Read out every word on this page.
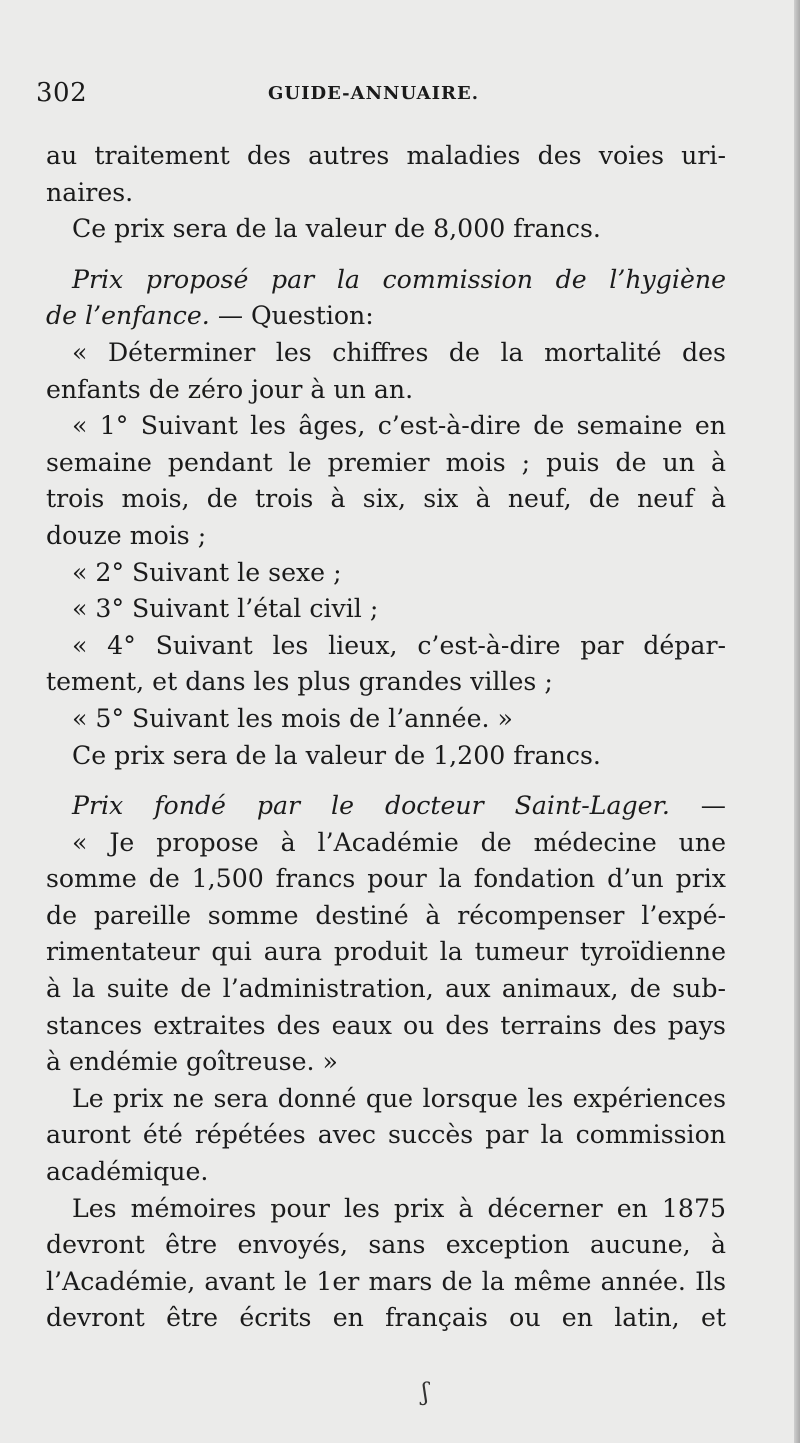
302	GUIDE-ANNUAIRE.
au traitement des autres maladies des voies uri-
naires.
Ce prix sera de la valeur de 8,000 francs.
Prix proposé par la commission de l’hygiène
de l’enfance. — Question:
« Déterminer les chiffres de la mortalité des
enfants de zéro jour à un an.
« 1° Suivant les âges, c’est-à-dire de semaine en
semaine pendant le premier mois ; puis de un à
trois mois, de trois à six, six à neuf, de neuf à
douze mois ;
« 2° Suivant le sexe ;
« 3° Suivant l’étal civil ;
« 4° Suivant les lieux, c’est-à-dire par dépar-
tement, et dans les plus grandes villes ;
« 5° Suivant les mois de l’année. »
Ce prix sera de la valeur de 1,200 francs.
Prix fondé par le docteur Saint-Lager. —
« Je propose à l’Académie de médecine une
somme de 1,500 francs pour la fondation d’un prix
de pareille somme destiné à récompenser l’expé-
rimentateur qui aura produit la tumeur tyroïdienne
à la suite de l’administration, aux animaux, de sub-
stances extraites des eaux ou des terrains des pays
à endémie goîtreuse. »
Le prix ne sera donné que lorsque les expériences
auront été répétées avec succès par la commission
académique.
Les mémoires pour les prix à décerner en 1875
devront être envoyés, sans exception aucune, à
l’Académie, avant le 1er mars de la même année. Ils
devront être écrits en français ou en latin, et
ʃ
